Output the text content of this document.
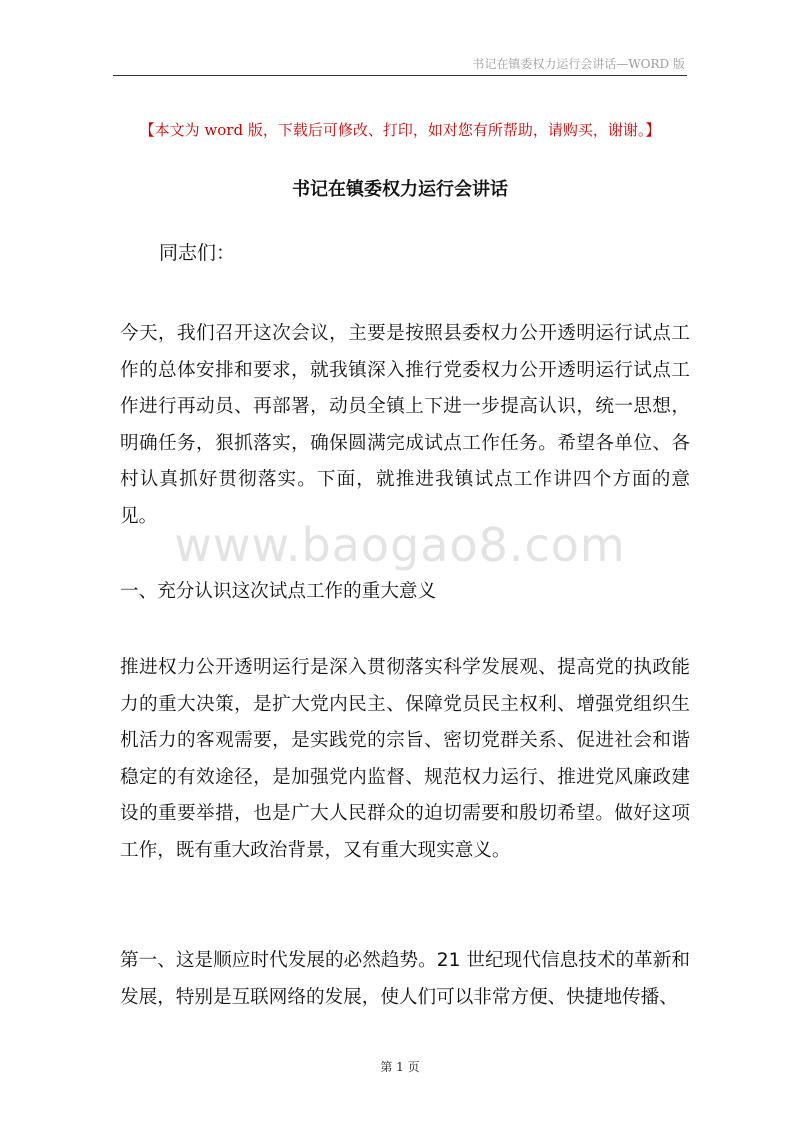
书记在镇委权力运行会讲话—WORD 版
【本文为 word 版，下载后可修改、打印，如对您有所帮助，请购买，谢谢。】
书记在镇委权力运行会讲话
同志们：

今天，我们召开这次会议，主要是按照县委权力公开透明运行试点工作的总体安排和要求，就我镇深入推行党委权力公开透明运行试点工作进行再动员、再部署，动员全镇上下进一步提高认识，统一思想，明确任务，狠抓落实，确保圆满完成试点工作任务。希望各单位、各村认真抓好贯彻落实。下面，就推进我镇试点工作讲四个方面的意见。

一、充分认识这次试点工作的重大意义

推进权力公开透明运行是深入贯彻落实科学发展观、提高党的执政能力的重大决策，是扩大党内民主、保障党员民主权利、增强党组织生机活力的客观需要，是实践党的宗旨、密切党群关系、促进社会和谐稳定的有效途径，是加强党内监督、规范权力运行、推进党风廉政建设的重要举措，也是广大人民群众的迫切需要和殷切希望。做好这项工作，既有重大政治背景，又有重大现实意义。

第一、这是顺应时代发展的必然趋势。21 世纪现代信息技术的革新和发展，特别是互联网络的发展，使人们可以非常方便、快捷地传播、

www.baogao8.com
第 1 页
